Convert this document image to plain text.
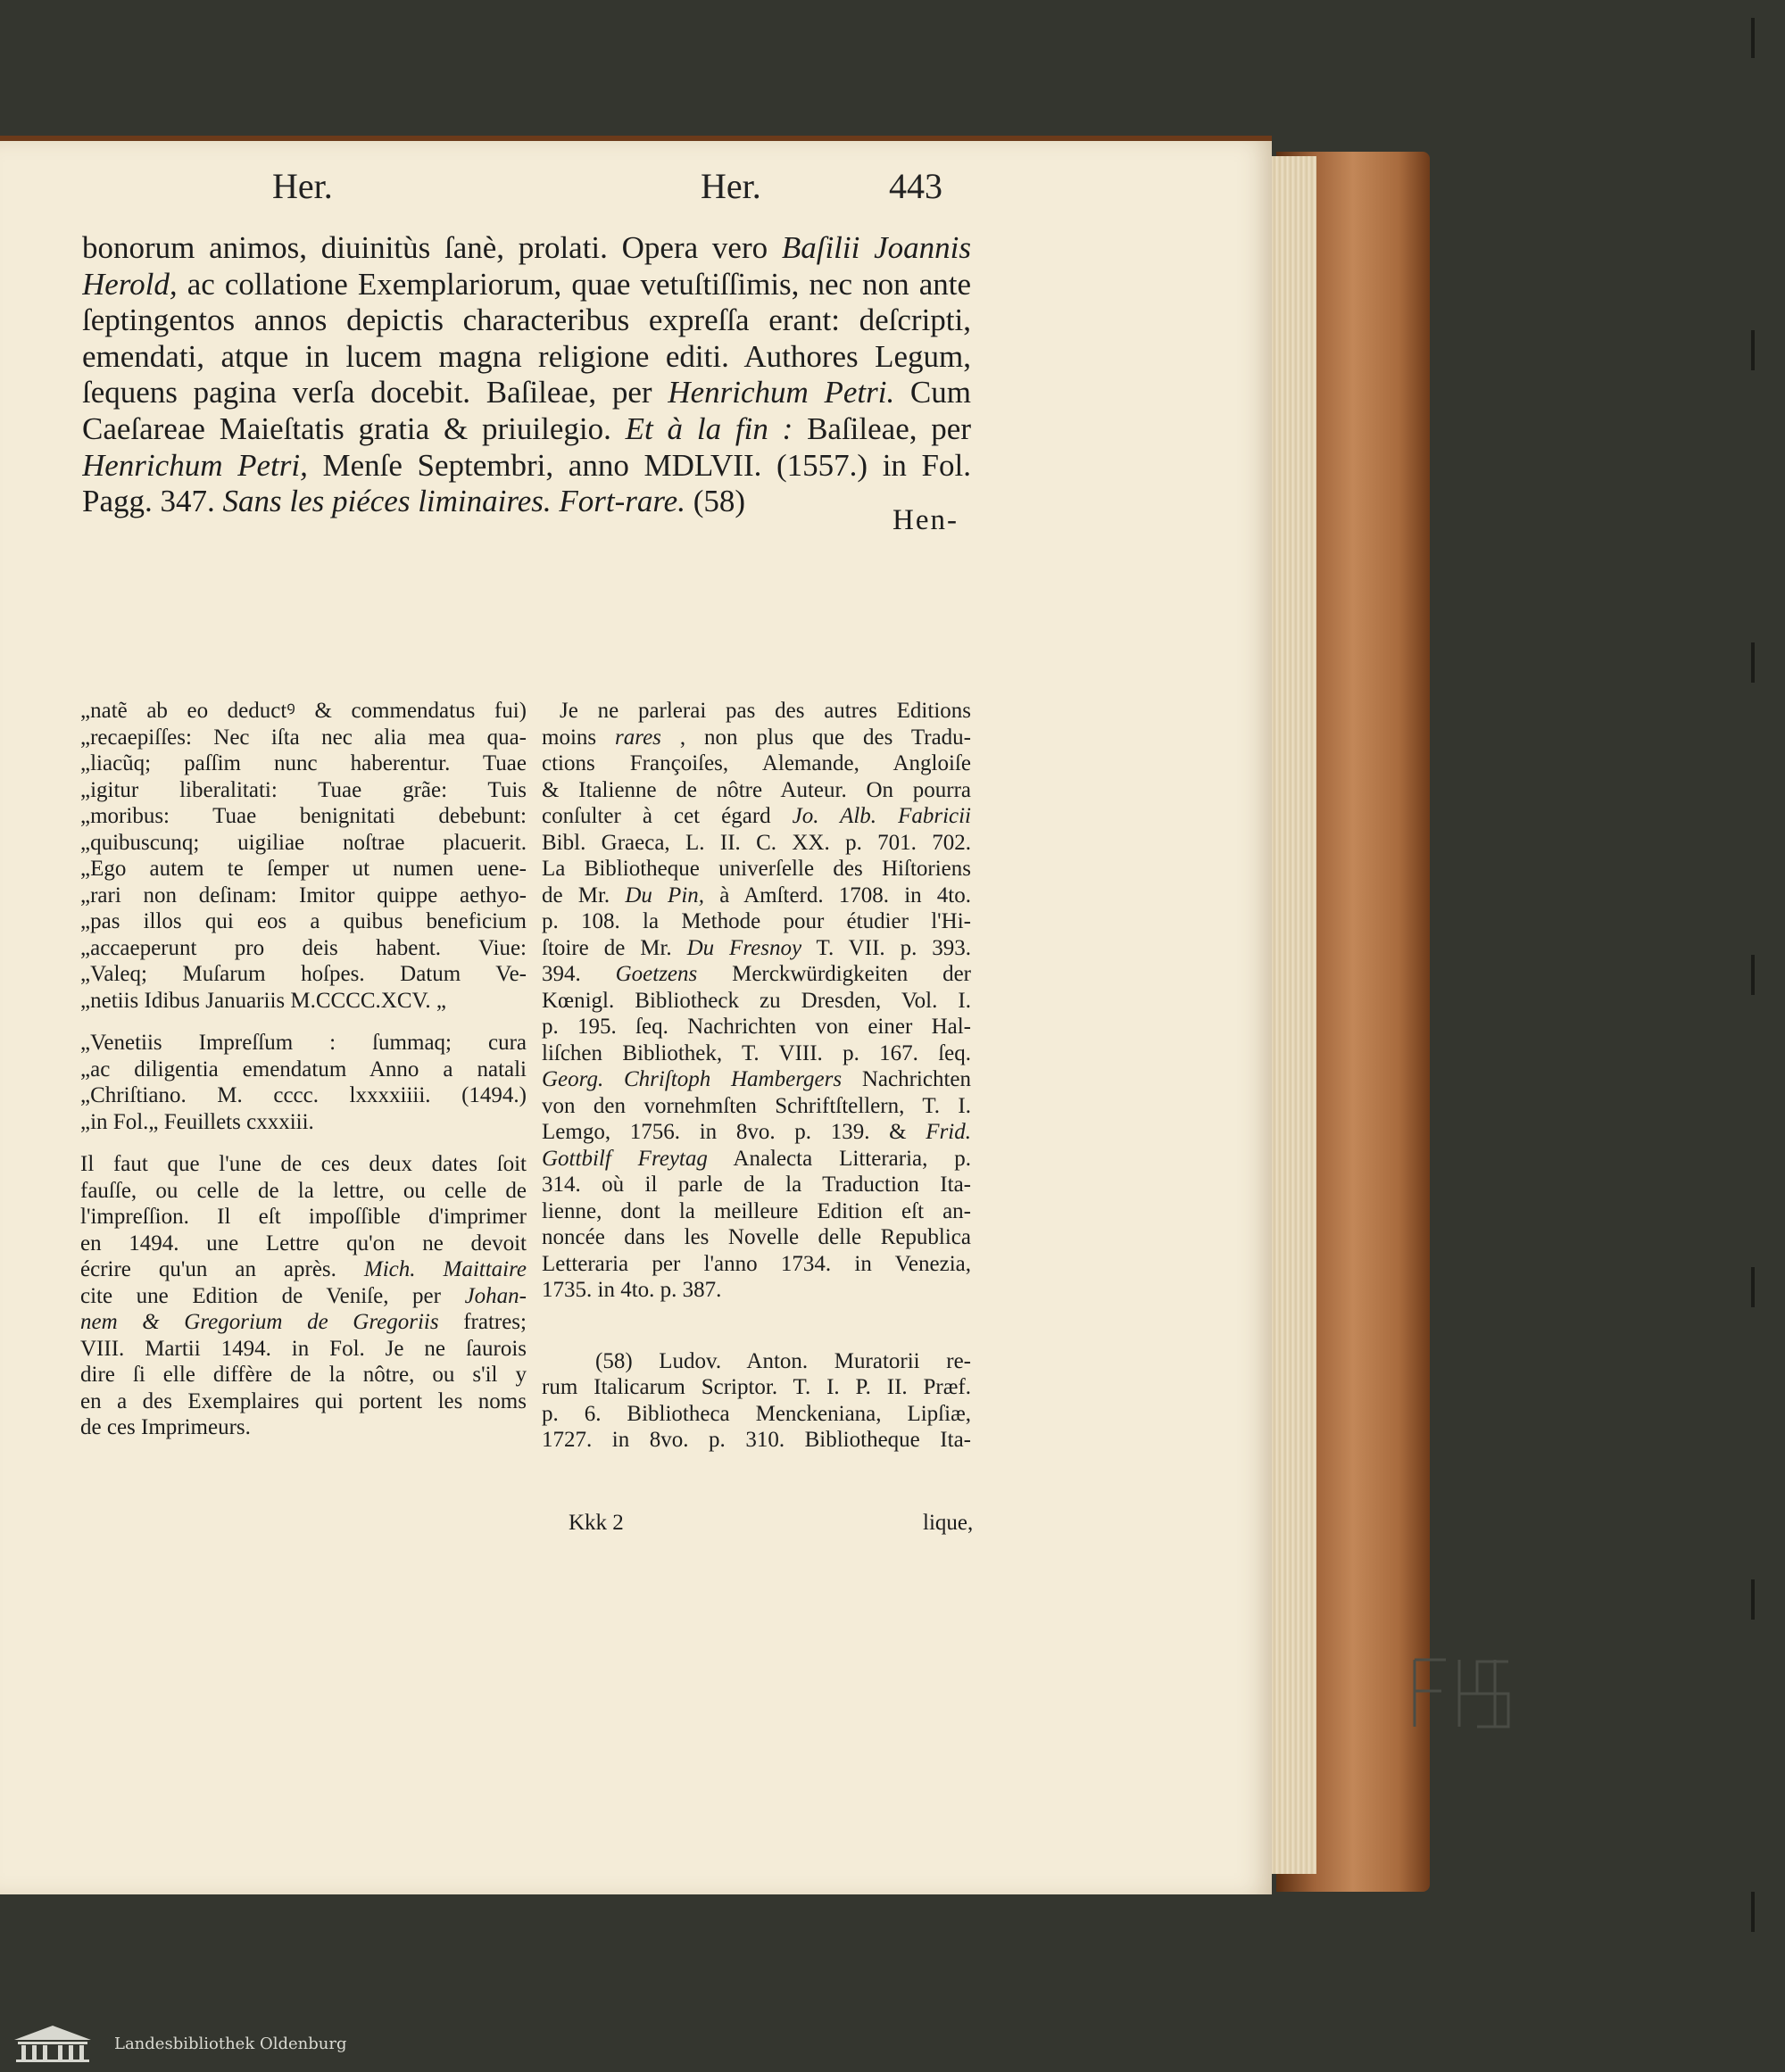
Her.	Her.	443
bonorum animos, diuinitùs ſanè, prolati. Opera vero Baſilii Joannis
Herold, ac collatione Exemplariorum, quae vetuſtiſſimis, nec non ante
ſeptingentos annos depictis characteribus expreſſa erant: deſcripti,
emendati, atque in lucem magna religione editi. Authores Legum,
ſequens pagina verſa docebit. Baſileae, per Henrichum Petri. Cum
Caeſareae Maieſtatis gratia & priuilegio. Et à la fin : Baſileae, per
Henrichum Petri, Menſe Septembri, anno MDLVII. (1557.) in Fol.
Pagg. 347. Sans les piéces liminaires. Fort-rare. (58)
Hen-
„natẽ ab eo deductꝰ & commendatus fui)
„recaepiſſes: Nec iſta nec alia mea qua-
„liacũq; paſſim nunc haberentur. Tuae
„igitur liberalitati: Tuae grãe: Tuis
„moribus: Tuae benignitati debebunt:
„quibuscunq; uigiliae noſtrae placuerit.
„Ego autem te ſemper ut numen uene-
„rari non deſinam: Imitor quippe aethyo-
„pas illos qui eos a quibus beneficium
„accaeperunt pro deis habent. Viue:
„Valeq; Muſarum hoſpes. Datum Ve-
„netiis Idibus Januariis M.CCCC.XCV. „
„Venetiis Impreſſum : ſummaq; cura
„ac diligentia emendatum Anno a natali
„Chriſtiano. M. cccc. lxxxxiiii. (1494.)
„in Fol.„ Feuillets cxxxiii.
Il faut que l'une de ces deux dates ſoit
fauſſe, ou celle de la lettre, ou celle de
l'impreſſion. Il eſt impoſſible d'imprimer
en 1494. une Lettre qu'on ne devoit
écrire qu'un an après. Mich. Maittaire
cite une Edition de Veniſe, per Johan-
nem & Gregorium de Gregoriis fratres;
VIII. Martii 1494. in Fol. Je ne ſaurois
dire ſi elle diffère de la nôtre, ou s'il y
en a des Exemplaires qui portent les noms
de ces Imprimeurs.
Je ne parlerai pas des autres Editions
moins rares , non plus que des Tradu-
ctions Françoiſes, Alemande, Angloiſe
& Italienne de nôtre Auteur. On pourra
conſulter à cet égard Jo. Alb. Fabricii
Bibl. Graeca, L. II. C. XX. p. 701. 702.
La Bibliotheque univerſelle des Hiſtoriens
de Mr. Du Pin, à Amſterd. 1708. in 4to.
p. 108. la Methode pour étudier l'Hi-
ſtoire de Mr. Du Fresnoy T. VII. p. 393.
394. Goetzens Merckwürdigkeiten der
Kœnigl. Bibliotheck zu Dresden, Vol. I.
p. 195. ſeq. Nachrichten von einer Hal-
liſchen Bibliothek, T. VIII. p. 167. ſeq.
Georg. Chriſtoph Hambergers Nachrichten
von den vornehmſten Schriftſtellern, T. I.
Lemgo, 1756. in 8vo. p. 139. & Frid.
Gottbilf Freytag Analecta Litteraria, p.
314. où il parle de la Traduction Ita-
lienne, dont la meilleure Edition eſt an-
noncée dans les Novelle delle Republica
Letteraria per l'anno 1734. in Venezia,
1735. in 4to. p. 387.
(58) Ludov. Anton. Muratorii re-
rum Italicarum Scriptor. T. I. P. II. Præf.
p. 6. Bibliotheca Menckeniana, Lipſiæ,
1727. in 8vo. p. 310. Bibliotheque Ita-
Kkk 2	lique,
Landesbibliothek Oldenburg
